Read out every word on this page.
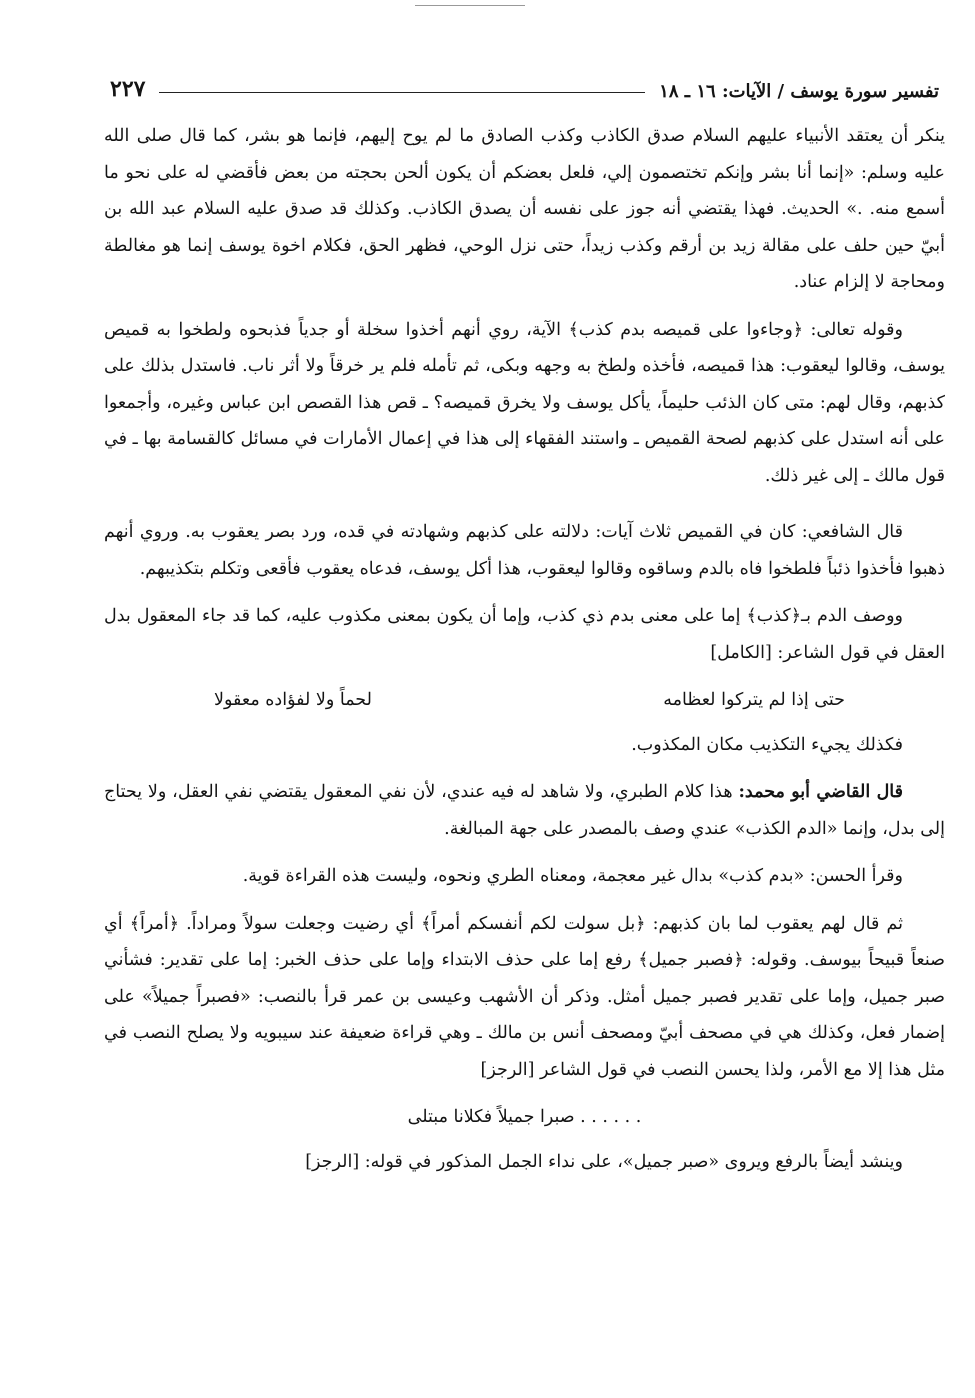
تفسير سورة يوسف / الآيات: ١٦ ـ ١٨
٢٢٧

ينكر أن يعتقد الأنبياء عليهم السلام صدق الكاذب وكذب الصادق ما لم يوح إليهم، فإنما هو بشر، كما قال صلى الله عليه وسلم: «إنما أنا بشر وإنكم تختصمون إلي، فلعل بعضكم أن يكون ألحن بحجته من بعض فأقضي له على نحو ما أسمع منه. .» الحديث. فهذا يقتضي أنه جوز على نفسه أن يصدق الكاذب. وكذلك قد صدق عليه السلام عبد الله بن أبيّ حين حلف على مقالة زيد بن أرقم وكذب زيداً، حتى نزل الوحي، فظهر الحق، فكلام اخوة يوسف إنما هو مغالطة ومحاجة لا إلزام عناد.

وقوله تعالى: ﴿وجاءوا على قميصه بدم كذب﴾ الآية، روي أنهم أخذوا سخلة أو جدياً فذبحوه ولطخوا به قميص يوسف، وقالوا ليعقوب: هذا قميصه، فأخذه ولطخ به وجهه وبكى، ثم تأمله فلم ير خرقاً ولا أثر ناب. فاستدل بذلك على كذبهم، وقال لهم: متى كان الذئب حليماً، يأكل يوسف ولا يخرق قميصه؟ ـ قص هذا القصص ابن عباس وغيره، وأجمعوا على أنه استدل على كذبهم لصحة القميص ـ واستند الفقهاء إلى هذا في إعمال الأمارات في مسائل كالقسامة بها ـ في قول مالك ـ إلى غير ذلك.

قال الشافعي: كان في القميص ثلاث آيات: دلالته على كذبهم وشهادته في قده، ورد بصر يعقوب به. وروي أنهم ذهبوا فأخذوا ذئباً فلطخوا فاه بالدم وساقوه وقالوا ليعقوب، هذا أكل يوسف، فدعاه يعقوب فأقعى وتكلم بتكذيبهم.

ووصف الدم بـ﴿كذب﴾ إما على معنى بدم ذي كذب، وإما أن يكون بمعنى مكذوب عليه، كما قد جاء المعقول بدل العقل في قول الشاعر: [الكامل]

حتى إذا لم يتركوا لعظامه
لحماً ولا لفؤاده معقولا

فكذلك يجيء التكذيب مكان المكذوب.

قال القاضي أبو محمد: هذا كلام الطبري، ولا شاهد له فيه عندي، لأن نفي المعقول يقتضي نفي العقل، ولا يحتاج إلى بدل، وإنما «الدم الكذب» عندي وصف بالمصدر على جهة المبالغة.

وقرأ الحسن: «بدم كذب» بدال غير معجمة، ومعناه الطري ونحوه، وليست هذه القراءة قوية.

ثم قال لهم يعقوب لما بان كذبهم: ﴿بل سولت لكم أنفسكم أمراً﴾ أي رضيت وجعلت سولاً ومراداً. ﴿أمراً﴾ أي صنعاً قبيحاً بيوسف. وقوله: ﴿فصبر جميل﴾ رفع إما على حذف الابتداء وإما على حذف الخبر: إما على تقدير: فشأني صبر جميل، وإما على تقدير فصبر جميل أمثل. وذكر أن الأشهب وعيسى بن عمر قرأ بالنصب: «فصبراً جميلاً» على إضمار فعل، وكذلك هي في مصحف أبيّ ومصحف أنس بن مالك ـ وهي قراءة ضعيفة عند سيبويه ولا يصلح النصب في مثل هذا إلا مع الأمر، ولذا يحسن النصب في قول الشاعر [الرجز]

. . . . . . صبرا جميلاً فكلانا مبتلى

وينشد أيضاً بالرفع ويروى «صبر جميل»، على نداء الجمل المذكور في قوله: [الرجز]
